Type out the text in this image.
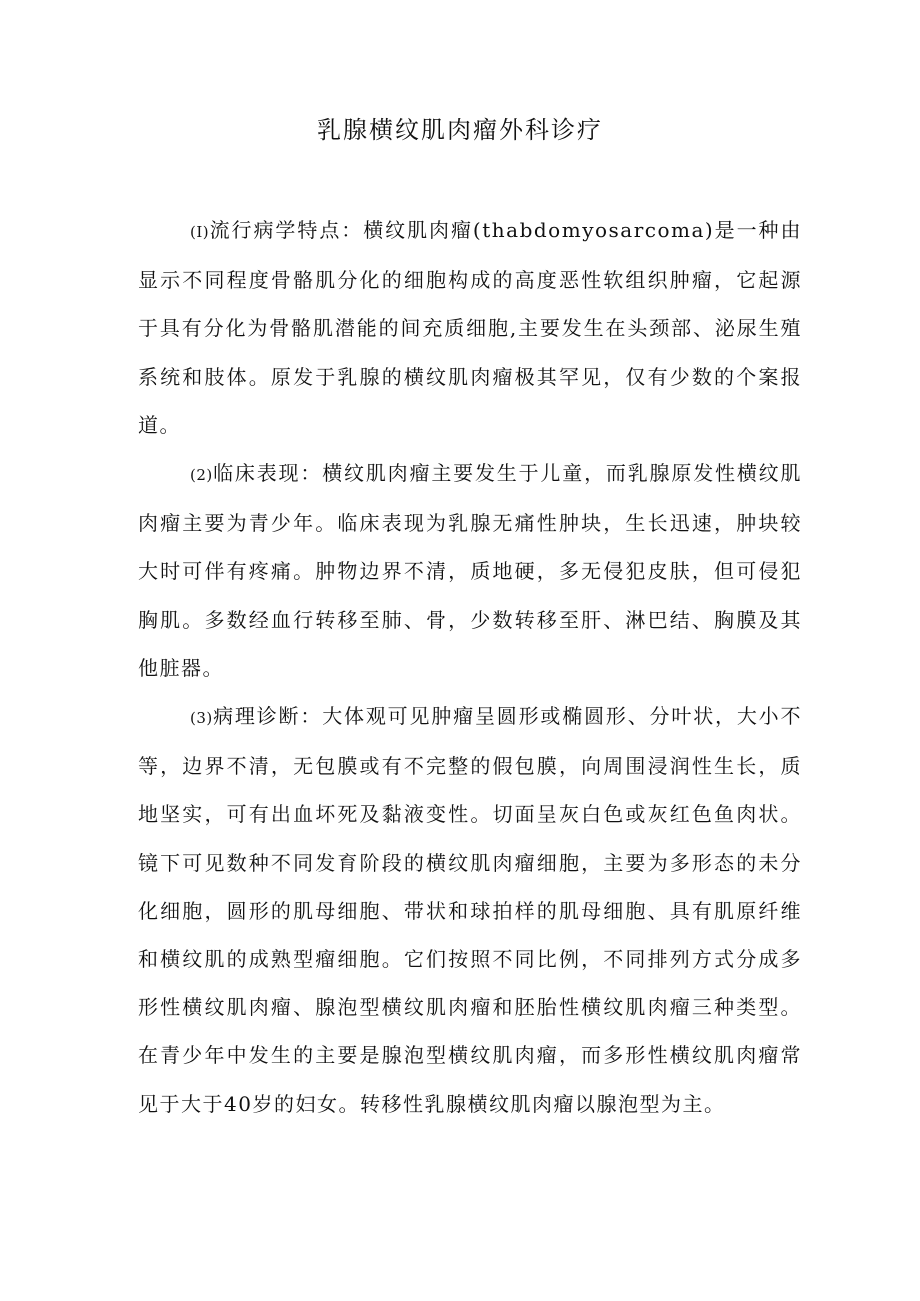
乳腺横纹肌肉瘤外科诊疗

(I)流行病学特点：横纹肌肉瘤(thabdomyosarcoma)是一种由显示不同程度骨骼肌分化的细胞构成的高度恶性软组织肿瘤，它起源于具有分化为骨骼肌潜能的间充质细胞,主要发生在头颈部、泌尿生殖系统和肢体。原发于乳腺的横纹肌肉瘤极其罕见，仅有少数的个案报道。

(2)临床表现：横纹肌肉瘤主要发生于儿童，而乳腺原发性横纹肌肉瘤主要为青少年。临床表现为乳腺无痛性肿块，生长迅速，肿块较大时可伴有疼痛。肿物边界不清，质地硬，多无侵犯皮肤，但可侵犯胸肌。多数经血行转移至肺、骨，少数转移至肝、淋巴结、胸膜及其他脏器。

(3)病理诊断：大体观可见肿瘤呈圆形或椭圆形、分叶状，大小不等，边界不清，无包膜或有不完整的假包膜，向周围浸润性生长，质地坚实，可有出血坏死及黏液变性。切面呈灰白色或灰红色鱼肉状。镜下可见数种不同发育阶段的横纹肌肉瘤细胞，主要为多形态的未分化细胞，圆形的肌母细胞、带状和球拍样的肌母细胞、具有肌原纤维和横纹肌的成熟型瘤细胞。它们按照不同比例，不同排列方式分成多形性横纹肌肉瘤、腺泡型横纹肌肉瘤和胚胎性横纹肌肉瘤三种类型。在青少年中发生的主要是腺泡型横纹肌肉瘤，而多形性横纹肌肉瘤常见于大于40岁的妇女。转移性乳腺横纹肌肉瘤以腺泡型为主。
